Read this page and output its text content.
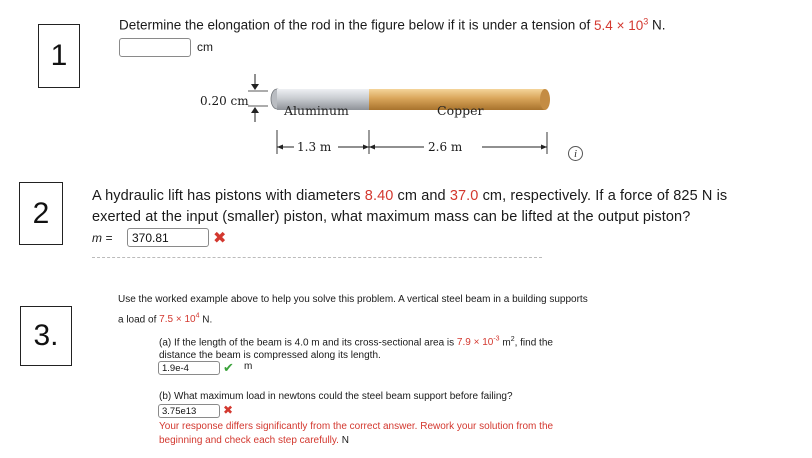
1
Determine the elongation of the rod in the figure below if it is under a tension of $5.4 \times 10^3$ N.
cm
0.20 cm
Aluminum	Copper
1.3 m	2.6 m	i
2
A hydraulic lift has pistons with diameters 8.40 cm and 37.0 cm, respectively. If a force of 825 N is
exerted at the input (smaller) piston, what maximum mass can be lifted at the output piston?
m =
370.81	✖
3.
Use the worked example above to help you solve this problem. A vertical steel beam in a building supports
a load of $7.5 \times 10^4$ N.
(a) If the length of the beam is 4.0 m and its cross-sectional area is $7.9 \times 10^{-3}$ $m^2$, find the
distance the beam is compressed along its length.
1.9e-4
✔ m
(b) What maximum load in newtons could the steel beam support before failing?
3.75e13
✖
Your response differs significantly from the correct answer. Rework your solution from the
beginning and check each step carefully. N
